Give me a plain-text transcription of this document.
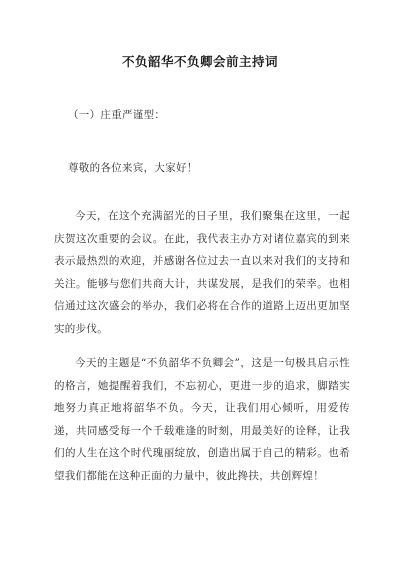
不负韶华不负卿会前主持词
（一）庄重严谨型：
尊敬的各位来宾，大家好！

今天，在这个充满韶光的日子里，我们聚集在这里，一起庆贺这次重要的会议。在此，我代表主办方对诸位嘉宾的到来表示最热烈的欢迎，并感谢各位过去一直以来对我们的支持和关注。能够与您们共商大计，共谋发展，是我们的荣幸。也相信通过这次盛会的举办，我们必将在合作的道路上迈出更加坚实的步伐。

今天的主题是“不负韶华不负卿会”，这是一句极具启示性的格言，她提醒着我们，不忘初心，更进一步的追求，脚踏实地努力真正地将韶华不负。今天，让我们用心倾听，用爱传递，共同感受每一个千载难逢的时刻，用最美好的诠释，让我们的人生在这个时代瑰丽绽放，创造出属于自己的精彩。也希望我们都能在这种正面的力量中，彼此搀扶，共创辉煌！
